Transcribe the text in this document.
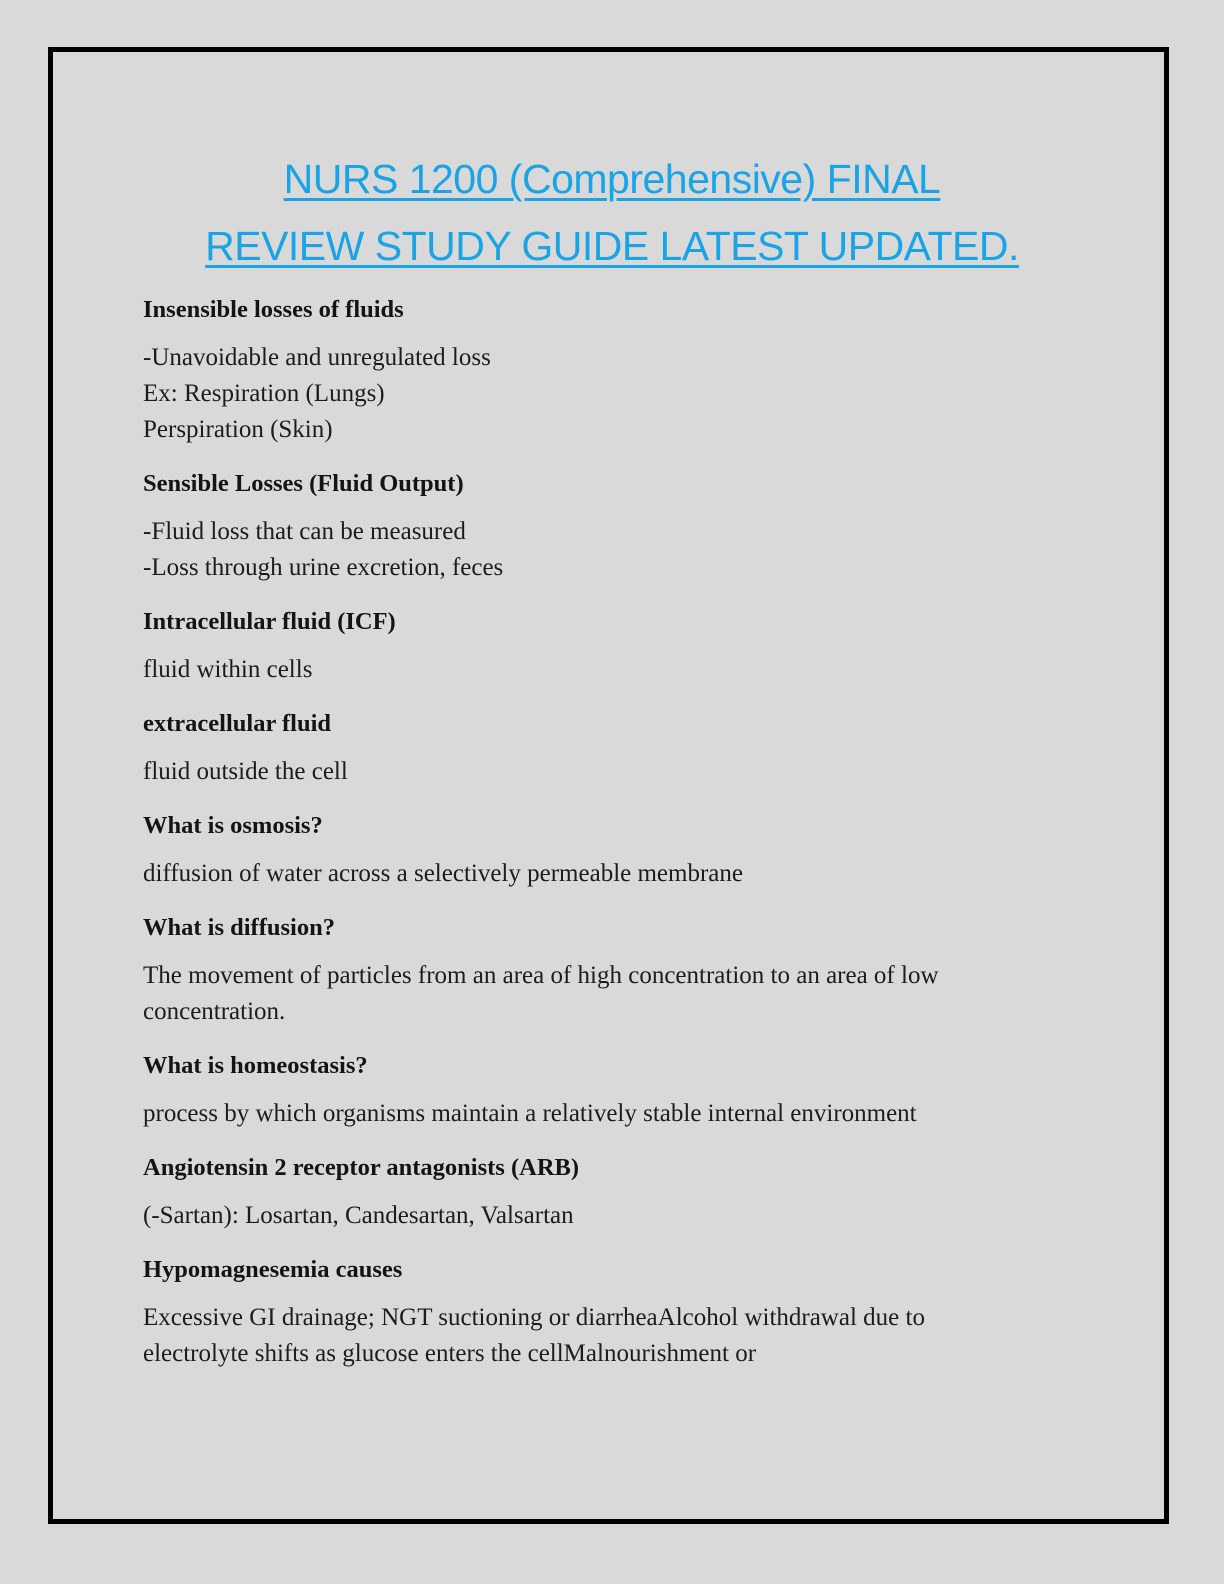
NURS 1200 (Comprehensive) FINAL
REVIEW STUDY GUIDE LATEST UPDATED.
Insensible losses of fluids
-Unavoidable and unregulated loss
Ex: Respiration (Lungs)
Perspiration (Skin)
Sensible Losses (Fluid Output)
-Fluid loss that can be measured
-Loss through urine excretion, feces
Intracellular fluid (ICF)
fluid within cells
extracellular fluid
fluid outside the cell
What is osmosis?
diffusion of water across a selectively permeable membrane
What is diffusion?
The movement of particles from an area of high concentration to an area of low
concentration.
What is homeostasis?
process by which organisms maintain a relatively stable internal environment
Angiotensin 2 receptor antagonists (ARB)
(-Sartan): Losartan, Candesartan, Valsartan
Hypomagnesemia causes
Excessive GI drainage; NGT suctioning or diarrheaAlcohol withdrawal due to
electrolyte shifts as glucose enters the cellMalnourishment or
